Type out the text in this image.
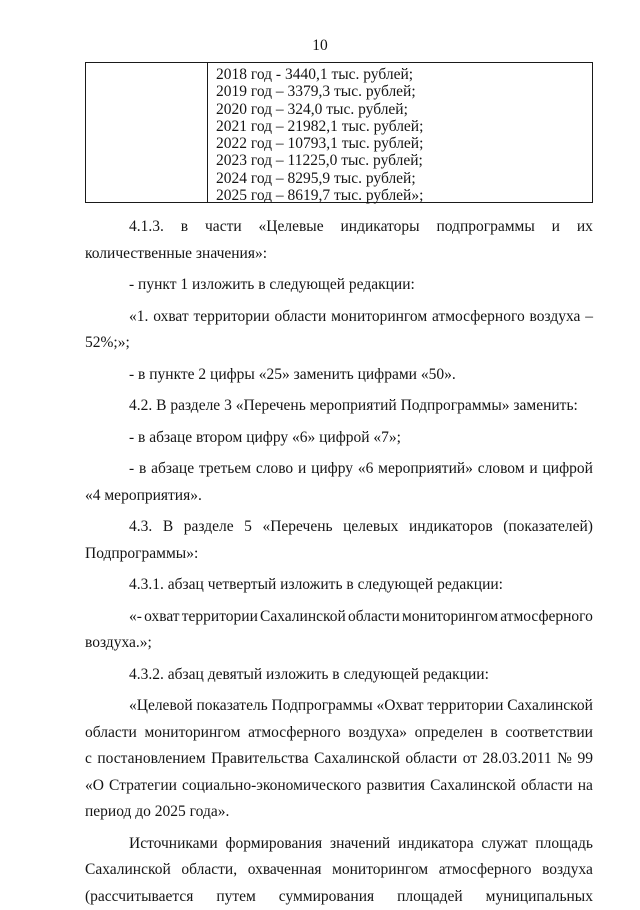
10
2018 год - 3440,1 тыс. рублей;
2019 год – 3379,3 тыс. рублей;
2020 год – 324,0 тыс. рублей;
2021 год – 21982,1 тыс. рублей;
2022 год – 10793,1 тыс. рублей;
2023 год – 11225,0 тыс. рублей;
2024 год – 8295,9 тыс. рублей;
2025 год – 8619,7 тыс. рублей»;
4.1.3. в части «Целевые индикаторы подпрограммы и их
количественные значения»:
- пункт 1 изложить в следующей редакции:
«1. охват территории области мониторингом атмосферного воздуха –
52%;»;
- в пункте 2 цифры «25» заменить цифрами «50».
4.2. В разделе 3 «Перечень мероприятий Подпрограммы» заменить:
- в абзаце втором цифру «6» цифрой «7»;
- в абзаце третьем слово и цифру «6 мероприятий» словом и цифрой
«4 мероприятия».
4.3. В разделе 5 «Перечень целевых индикаторов (показателей)
Подпрограммы»:
4.3.1. абзац четвертый изложить в следующей редакции:
«- охват территории Сахалинской области мониторингом атмосферного
воздуха.»;
4.3.2. абзац девятый изложить в следующей редакции:
«Целевой показатель Подпрограммы «Охват территории Сахалинской
области мониторингом атмосферного воздуха» определен в соответствии
с постановлением Правительства Сахалинской области от 28.03.2011 № 99
«О Стратегии социально-экономического развития Сахалинской области на
период до 2025 года».
Источниками формирования значений индикатора служат площадь
Сахалинской области, охваченная мониторингом атмосферного воздуха
(рассчитывается путем суммирования площадей муниципальных
